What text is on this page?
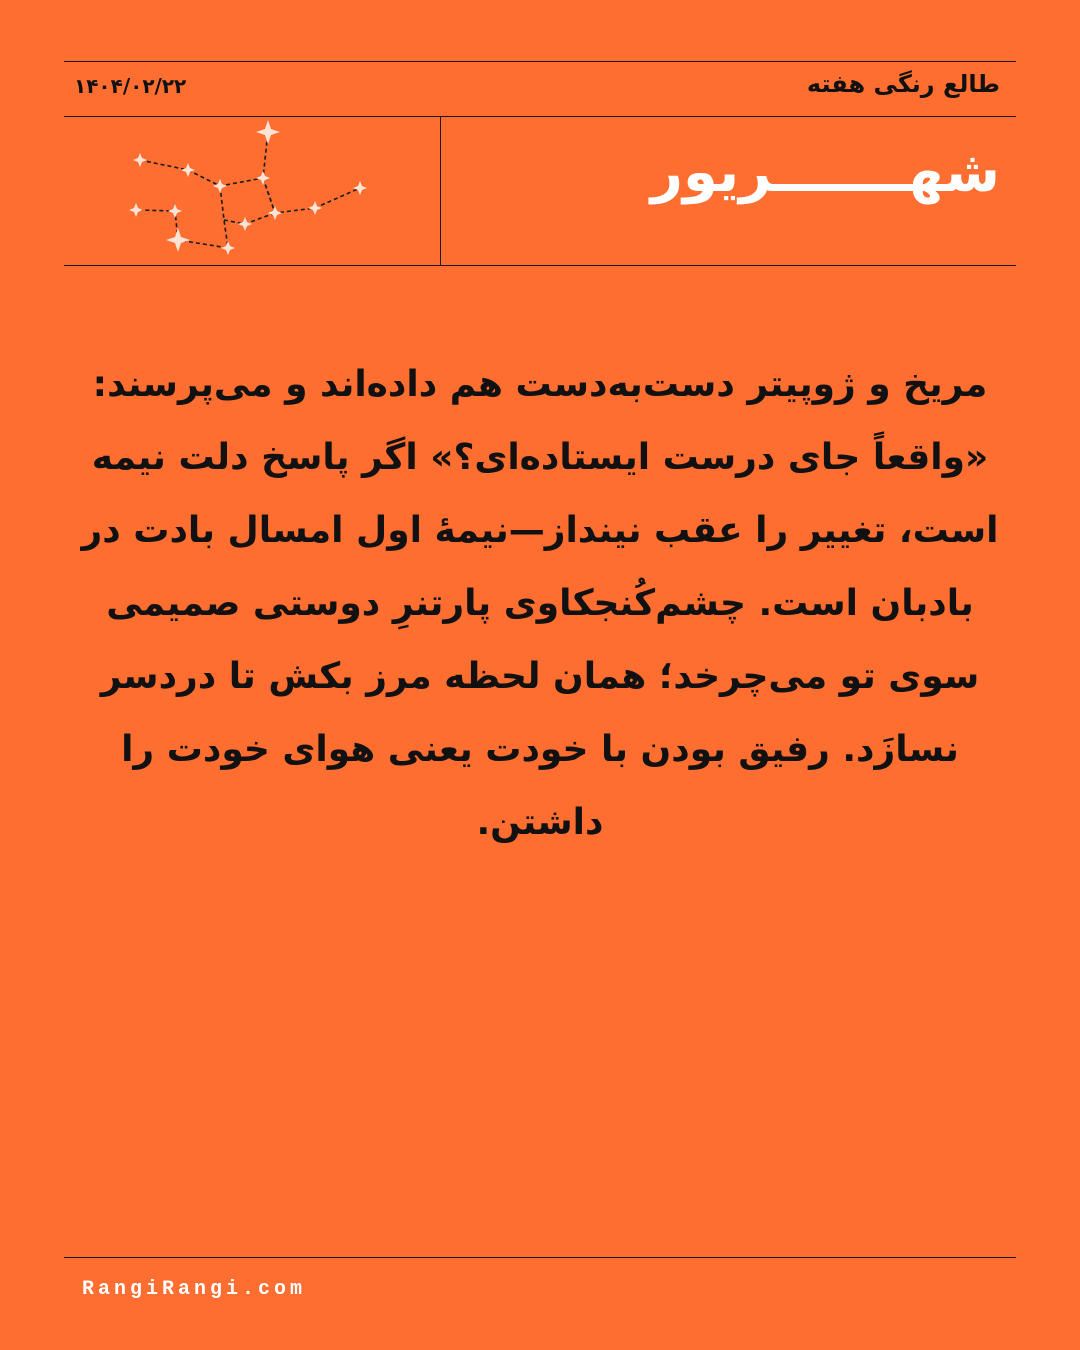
طالع رنگی هفته
۱۴۰۴/۰۲/۲۲
شهـــــــریور
مریخ و ژوپیتر دست‌به‌دست هم داده‌اند و می‌پرسند: «واقعاً جای درست ایستاده‌ای؟» اگر پاسخ دلت نیمه است، تغییر را عقب نینداز—نیمهٔ اول امسال بادت در بادبان است. چشم‌کُنجکاوی پارتنرِ دوستی صمیمی سوی تو می‌چرخد؛ همان لحظه مرز بکش تا دردسر نسازَد. رفیق بودن با خودت یعنی هوای خودت را داشتن.
RangiRangi.com
